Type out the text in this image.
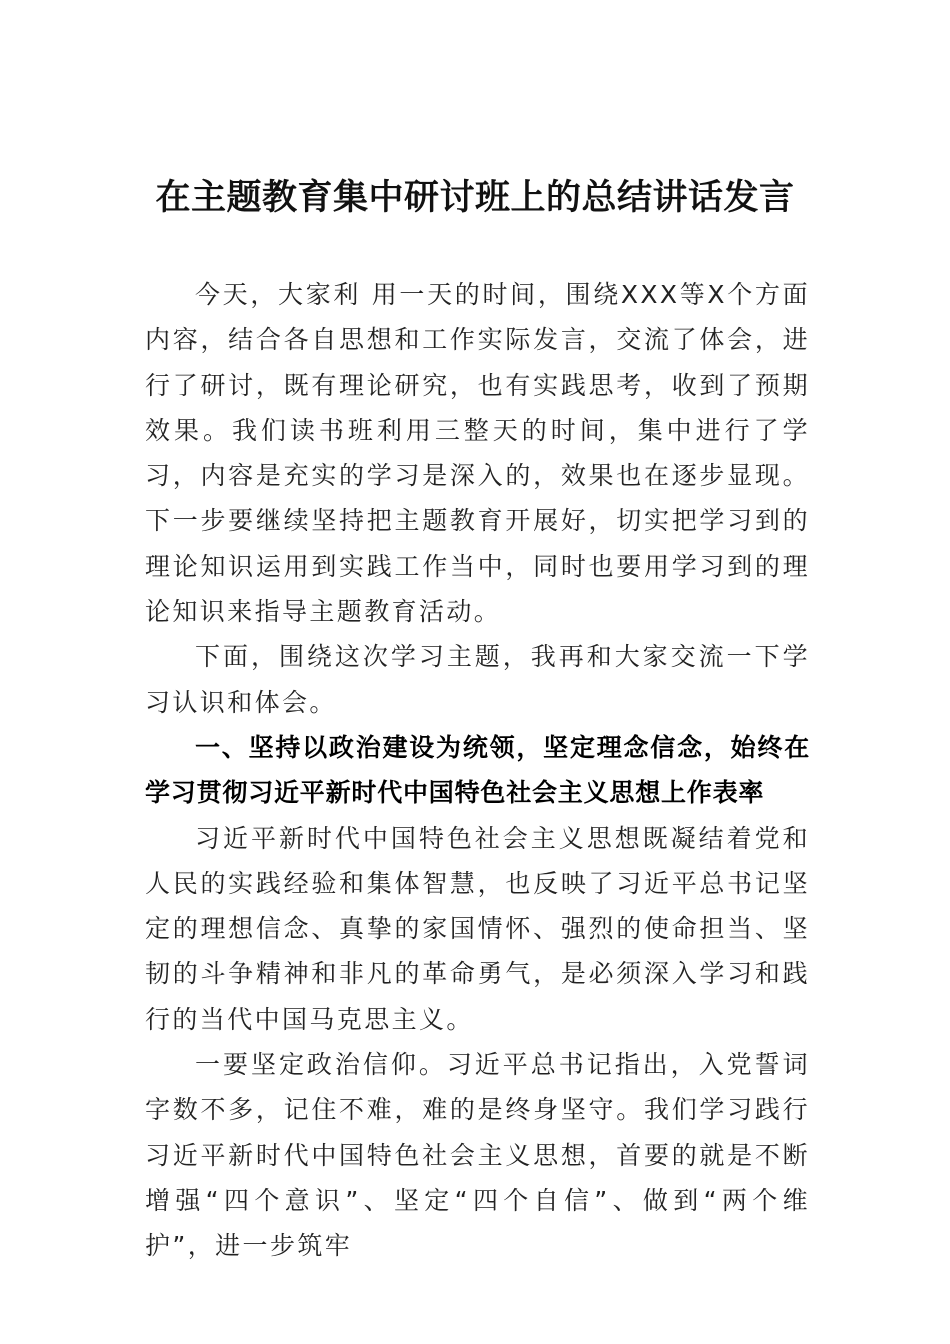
在主题教育集中研讨班上的总结讲话发言

今天，大家利 用一天的时间，围绕XXX等X个方面内容，结合各自思想和工作实际发言，交流了体会，进行了研讨，既有理论研究，也有实践思考，收到了预期效果。我们读书班利用三整天的时间，集中进行了学习，内容是充实的学习是深入的，效果也在逐步显现。下一步要继续坚持把主题教育开展好，切实把学习到的理论知识运用到实践工作当中，同时也要用学习到的理论知识来指导主题教育活动。

下面，围绕这次学习主题，我再和大家交流一下学习认识和体会。

一、坚持以政治建设为统领，坚定理念信念，始终在学习贯彻习近平新时代中国特色社会主义思想上作表率

习近平新时代中国特色社会主义思想既凝结着党和人民的实践经验和集体智慧，也反映了习近平总书记坚定的理想信念、真挚的家国情怀、强烈的使命担当、坚韧的斗争精神和非凡的革命勇气，是必须深入学习和践行的当代中国马克思主义。

一要坚定政治信仰。习近平总书记指出，入党誓词字数不多，记住不难，难的是终身坚守。我们学习践行习近平新时代中国特色社会主义思想，首要的就是不断增强“四个意识”、坚定“四个自信”、做到“两个维护”，进一步筑牢
